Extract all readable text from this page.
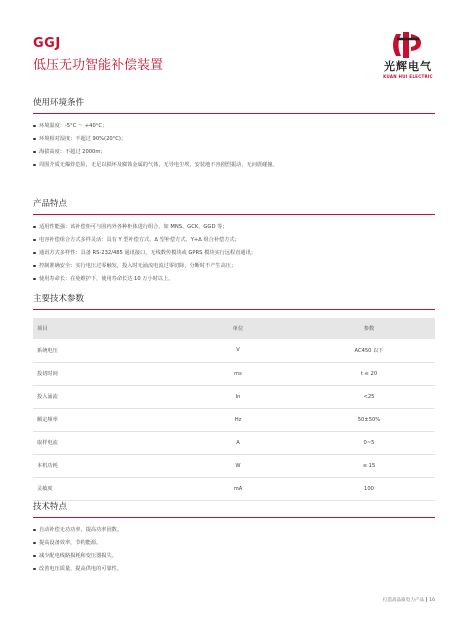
GGJ
低压无功智能补偿装置	光辉电气
KUAN HUI ELECTRIC
使用环境条件
环境温度：-5°C ～ +40°C；
环境相对湿度：不超过 90%(20°C)；
海拔高度：不超过 2000m；
周围介质无爆炸危险，无足以损坏及腐蚀金属的气体，无导电尘埃，安装地不容剧烈振动，无问震碰撞。
产品特点
适用性能强：该补偿柜可与国内外各种柜体进行组合，如 MNS、GCK、GGD 等；
电容补偿组合方式多样灵活：具有 Y 型补偿方式、Δ 型补偿方式、Y+Δ 组合补偿方式；
通讯方式多样性：具备 RS-232/485 通讯接口，无线数传模块或 GPRS 模块实行远程直通讯；
控制准确安全：实行电压过零触发，投入时无涌流电流过零切除，分断时不产生高压；
使用寿命长：在免维护下，使用寿命长达 10 万小时以上。
主要技术参数
项目	单位	参数
系统电压	V	AC450 以下
投切时间	ms	t ≤ 20
投入涌流	In	<25
额定频率	Hz	50±50%
取样电流	A	0~5
本机功耗	W	≤ 15
灵敏度	mA	100
技术特点
自动补偿无功功率，提高功率因数。
提高设备效率，节约能源。
减少配电线路损耗和变压器损失。
改善电压质量，提高供电的可靠性。
打造高品质电力产品 16
